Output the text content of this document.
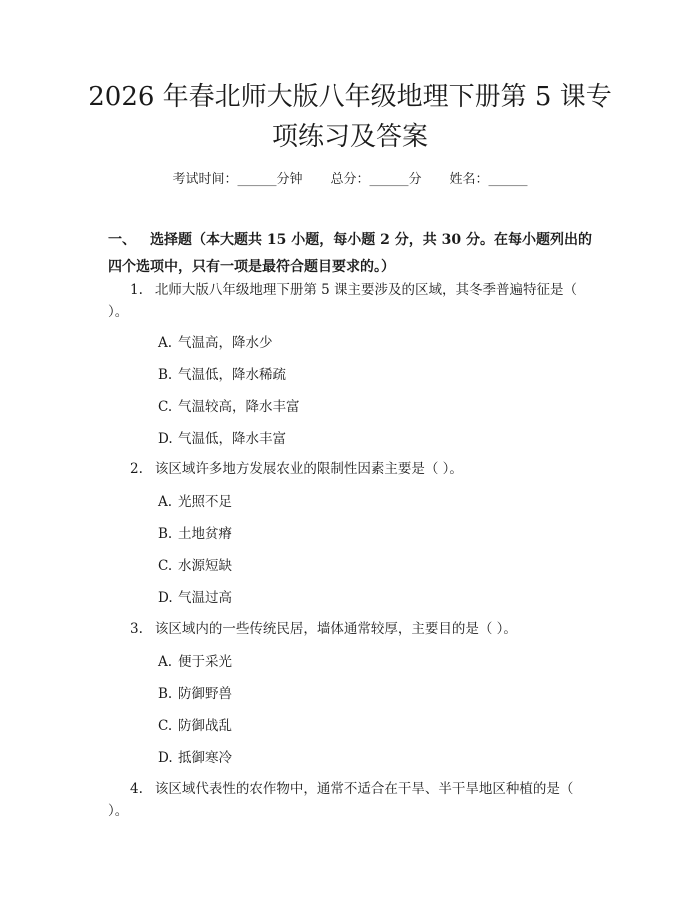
2026 年春北师大版八年级地理下册第 5 课专
项练习及答案
考试时间：______分钟 总分：______分 姓名：______

一、 选择题（本大题共 15 小题，每小题 2 分，共 30 分。在每小题列出的四个选项中，只有一项是最符合题目要求的。）

1. 北师大版八年级地理下册第 5 课主要涉及的区域，其冬季普遍特征是（ ）。
A. 气温高，降水少
B. 气温低，降水稀疏
C. 气温较高，降水丰富
D. 气温低，降水丰富
2. 该区域许多地方发展农业的限制性因素主要是（ ）。
A. 光照不足
B. 土地贫瘠
C. 水源短缺
D. 气温过高
3. 该区域内的一些传统民居，墙体通常较厚，主要目的是（ ）。
A. 便于采光
B. 防御野兽
C. 防御战乱
D. 抵御寒冷
4. 该区域代表性的农作物中，通常不适合在干旱、半干旱地区种植的是（ ）。
